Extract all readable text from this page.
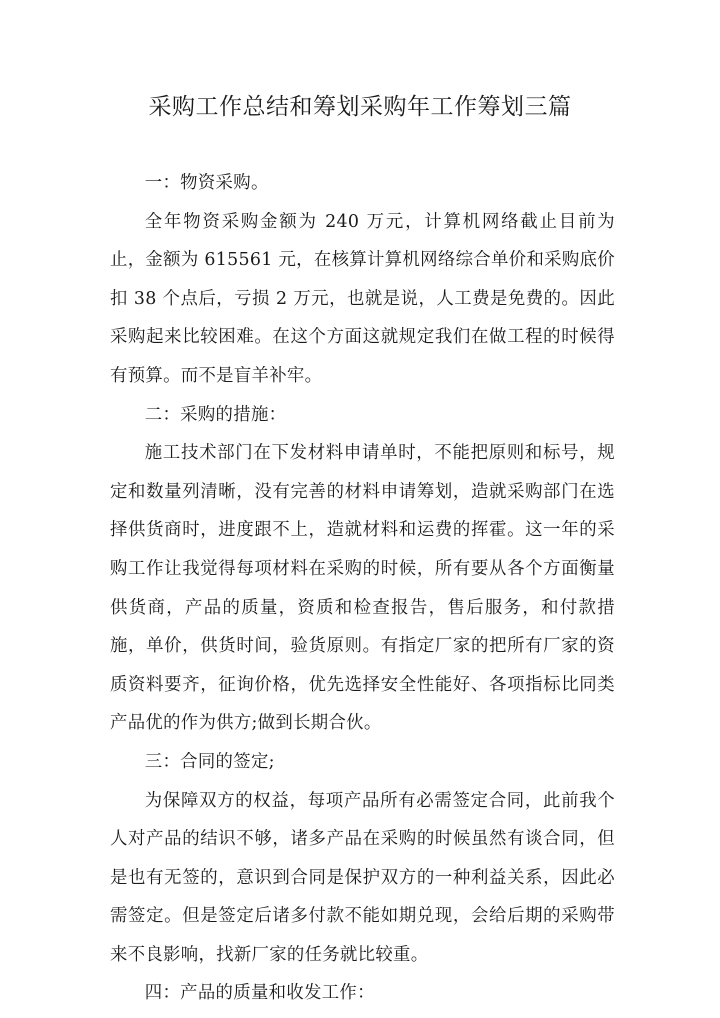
采购工作总结和筹划采购年工作筹划三篇

一：物资采购。

全年物资采购金额为 240 万元，计算机网络截止目前为止，金额为 615561 元，在核算计算机网络综合单价和采购底价扣 38 个点后，亏损 2 万元，也就是说，人工费是免费的。因此采购起来比较困难。在这个方面这就规定我们在做工程的时候得有预算。而不是盲羊补牢。

二：采购的措施：

施工技术部门在下发材料申请单时，不能把原则和标号，规定和数量列清晰，没有完善的材料申请筹划，造就采购部门在选择供货商时，进度跟不上，造就材料和运费的挥霍。这一年的采购工作让我觉得每项材料在采购的时候，所有要从各个方面衡量供货商，产品的质量，资质和检查报告，售后服务，和付款措施，单价，供货时间，验货原则。有指定厂家的把所有厂家的资质资料要齐，征询价格，优先选择安全性能好、各项指标比同类产品优的作为供方;做到长期合伙。

三：合同的签定;

为保障双方的权益，每项产品所有必需签定合同，此前我个人对产品的结识不够，诸多产品在采购的时候虽然有谈合同，但是也有无签的，意识到合同是保护双方的一种利益关系，因此必需签定。但是签定后诸多付款不能如期兑现，会给后期的采购带来不良影响，找新厂家的任务就比较重。

四：产品的质量和收发工作：
